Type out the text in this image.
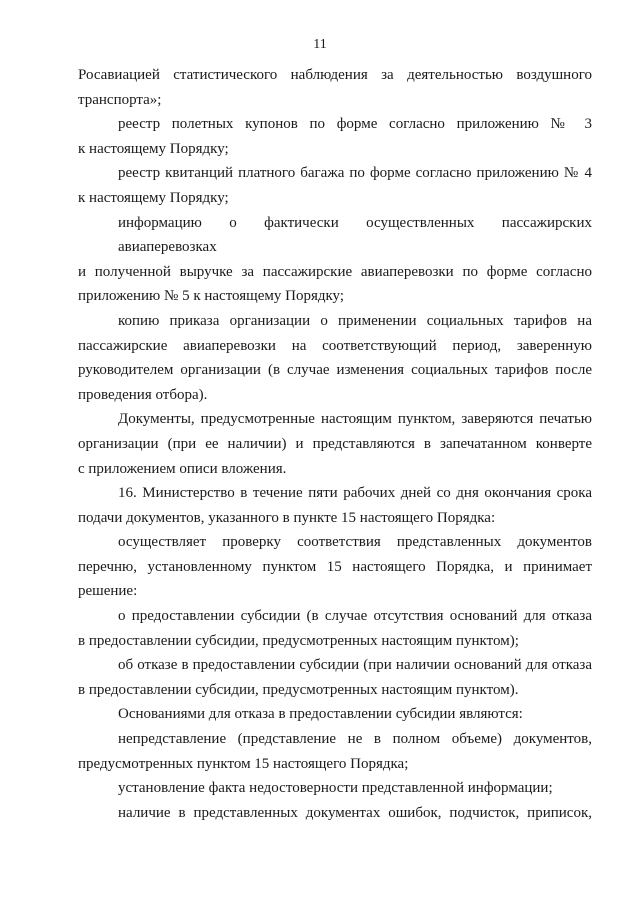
11

Росавиацией статистического наблюдения за деятельностью воздушного
транспорта»;

реестр полетных купонов по форме согласно приложению № 3
к настоящему Порядку;

реестр квитанций платного багажа по форме согласно приложению № 4
к настоящему Порядку;

информацию о фактически осуществленных пассажирских авиаперевозках
и полученной выручке за пассажирские авиаперевозки по форме согласно
приложению № 5 к настоящему Порядку;

копию приказа организации о применении социальных тарифов на
пассажирские авиаперевозки на соответствующий период, заверенную
руководителем организации (в случае изменения социальных тарифов после
проведения отбора).

Документы, предусмотренные настоящим пунктом, заверяются печатью
организации (при ее наличии) и представляются в запечатанном конверте
с приложением описи вложения.

16. Министерство в течение пяти рабочих дней со дня окончания срока
подачи документов, указанного в пункте 15 настоящего Порядка:

осуществляет проверку соответствия представленных документов
перечню, установленному пунктом 15 настоящего Порядка, и принимает
решение:

о предоставлении субсидии (в случае отсутствия оснований для отказа
в предоставлении субсидии, предусмотренных настоящим пунктом);

об отказе в предоставлении субсидии (при наличии оснований для отказа
в предоставлении субсидии, предусмотренных настоящим пунктом).

Основаниями для отказа в предоставлении субсидии являются:

непредставление (представление не в полном объеме) документов,
предусмотренных пунктом 15 настоящего Порядка;

установление факта недостоверности представленной информации;

наличие в представленных документах ошибок, подчисток, приписок,
